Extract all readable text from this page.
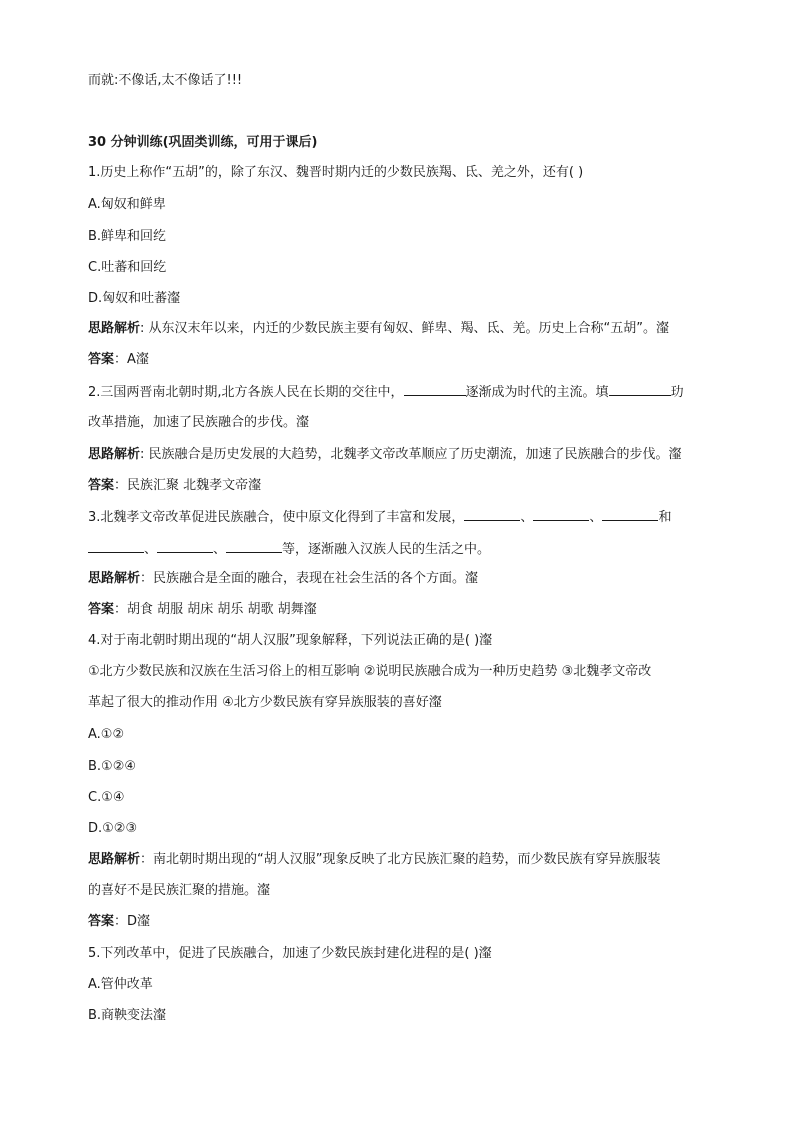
而就:不像话,太不像话了!!!
30 分钟训练(巩固类训练，可用于课后)
1.历史上称作“五胡”的，除了东汉、魏晋时期内迁的少数民族羯、氐、羌之外，还有( )
A.匈奴和鲜卑
B.鲜卑和回纥
C.吐蕃和回纥
D.匈奴和吐蕃瀣
思路解析: 从东汉末年以来，内迁的少数民族主要有匈奴、鲜卑、羯、氐、羌。历史上合称“五胡”。瀣
答案：A瀣
2.三国两晋南北朝时期,北方各族人民在长期的交往中，	逐渐成为时代的主流。填	玏
改革措施，加速了民族融合的步伐。瀣
思路解析: 民族融合是历史发展的大趋势，北魏孝文帝改革顺应了历史潮流，加速了民族融合的步伐。瀣
答案：民族汇聚 北魏孝文帝瀣
3.北魏孝文帝改革促进民族融合，使中原文化得到了丰富和发展，	、	、	和
、	、	等，逐渐融入汉族人民的生活之中。
思路解析：民族融合是全面的融合，表现在社会生活的各个方面。瀣
答案：胡食 胡服 胡床 胡乐 胡歌 胡舞瀣
4.对于南北朝时期出现的“胡人汉服”现象解释，下列说法正确的是( )瀣
①北方少数民族和汉族在生活习俗上的相互影响 ②说明民族融合成为一种历史趋势 ③北魏孝文帝改
革起了很大的推动作用 ④北方少数民族有穿异族服装的喜好瀣
A.①②
B.①②④
C.①④
D.①②③
思路解析：南北朝时期出现的“胡人汉服”现象反映了北方民族汇聚的趋势，而少数民族有穿异族服装
的喜好不是民族汇聚的措施。瀣
答案：D瀣
5.下列改革中，促进了民族融合，加速了少数民族封建化进程的是( )瀣
A.管仲改革
B.商鞅变法瀣
